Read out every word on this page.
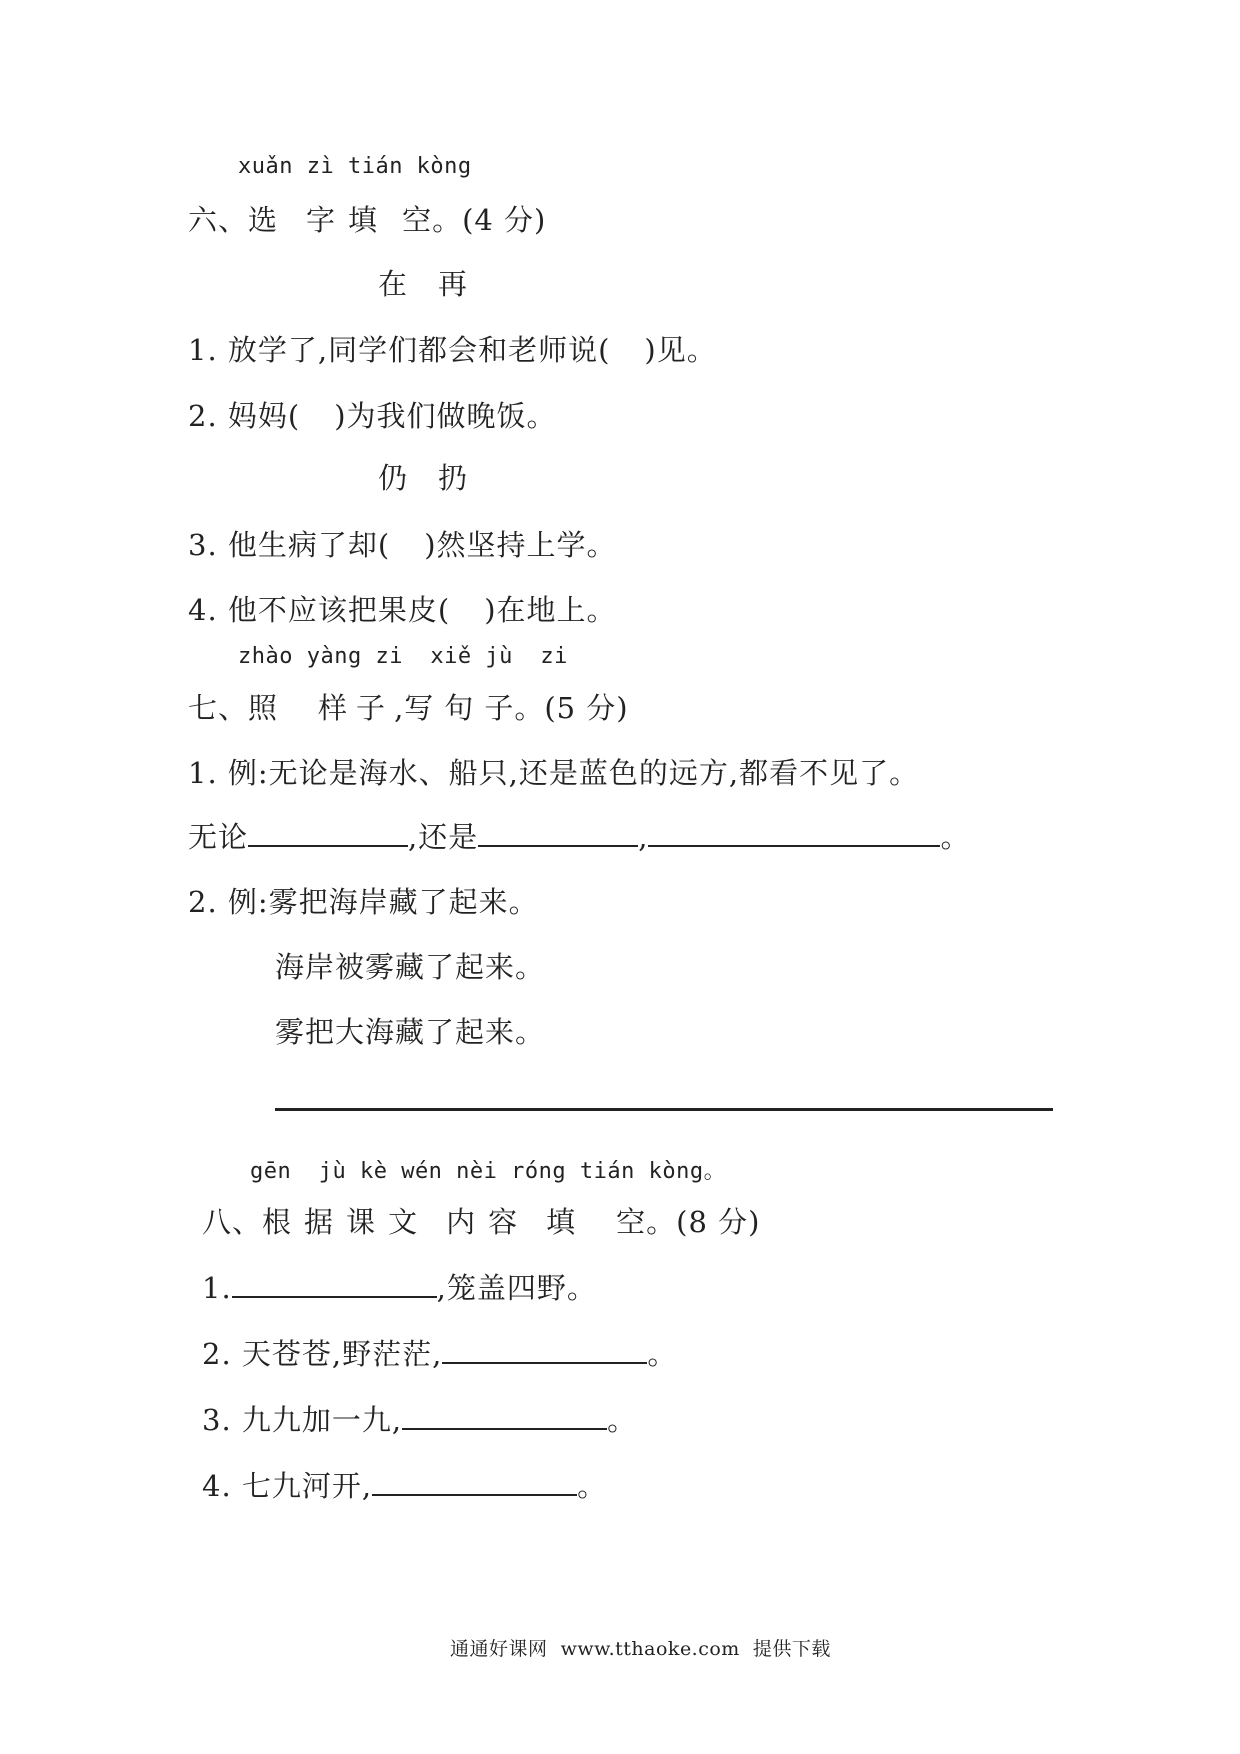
xuǎn zì tián kòng
六、选 字 填 空。(4 分)
在 再
1. 放学了,同学们都会和老师说( )见。
2. 妈妈( )为我们做晚饭。
仍 扔
3. 他生病了却( )然坚持上学。
4. 他不应该把果皮( )在地上。
zhào yàng zi  xiě jù  zi
七、照 样 子 ,写 句 子。(5 分)
1. 例:无论是海水、船只,还是蓝色的远方,都看不见了。
无论	,还是	,	。
2. 例:雾把海岸藏了起来。
海岸被雾藏了起来。
雾把大海藏了起来。
gēn  jù kè wén nèi róng tián kòng。
八、根 据 课 文 内 容 填 空。(8 分)
1.	,笼盖四野。
2. 天苍苍,野茫茫,	。
3. 九九加一九,	。
4. 七九河开,	。
通通好课网  www.tthaoke.com  提供下载
